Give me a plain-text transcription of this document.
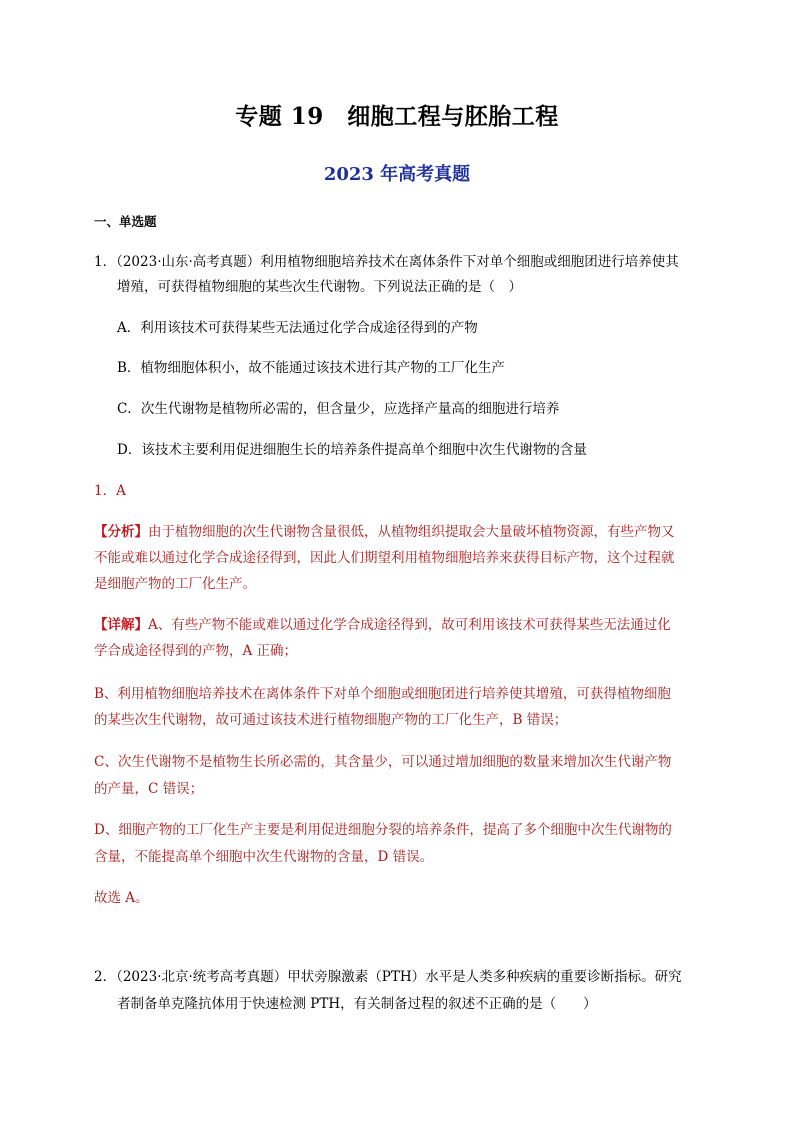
专题 19　细胞工程与胚胎工程
2023 年高考真题
一、单选题
1．（2023·山东·高考真题）利用植物细胞培养技术在离体条件下对单个细胞或细胞团进行培养使其
增殖，可获得植物细胞的某些次生代谢物。下列说法正确的是（　）
A．利用该技术可获得某些无法通过化学合成途径得到的产物
B．植物细胞体积小，故不能通过该技术进行其产物的工厂化生产
C．次生代谢物是植物所必需的，但含量少，应选择产量高的细胞进行培养
D．该技术主要利用促进细胞生长的培养条件提高单个细胞中次生代谢物的含量
1．A
【分析】由于植物细胞的次生代谢物含量很低，从植物组织提取会大量破坏植物资源，有些产物又
不能或难以通过化学合成途径得到，因此人们期望利用植物细胞培养来获得目标产物，这个过程就
是细胞产物的工厂化生产。
【详解】A、有些产物不能或难以通过化学合成途径得到，故可利用该技术可获得某些无法通过化
学合成途径得到的产物，A 正确；
B、利用植物细胞培养技术在离体条件下对单个细胞或细胞团进行培养使其增殖，可获得植物细胞
的某些次生代谢物，故可通过该技术进行植物细胞产物的工厂化生产，B 错误；
C、次生代谢物不是植物生长所必需的，其含量少，可以通过增加细胞的数量来增加次生代谢产物
的产量，C 错误；
D、细胞产物的工厂化生产主要是利用促进细胞分裂的培养条件，提高了多个细胞中次生代谢物的
含量，不能提高单个细胞中次生代谢物的含量，D 错误。
故选 A。
2．（2023·北京·统考高考真题）甲状旁腺激素（PTH）水平是人类多种疾病的重要诊断指标。研究
者制备单克隆抗体用于快速检测 PTH，有关制备过程的叙述不正确的是（　　）
